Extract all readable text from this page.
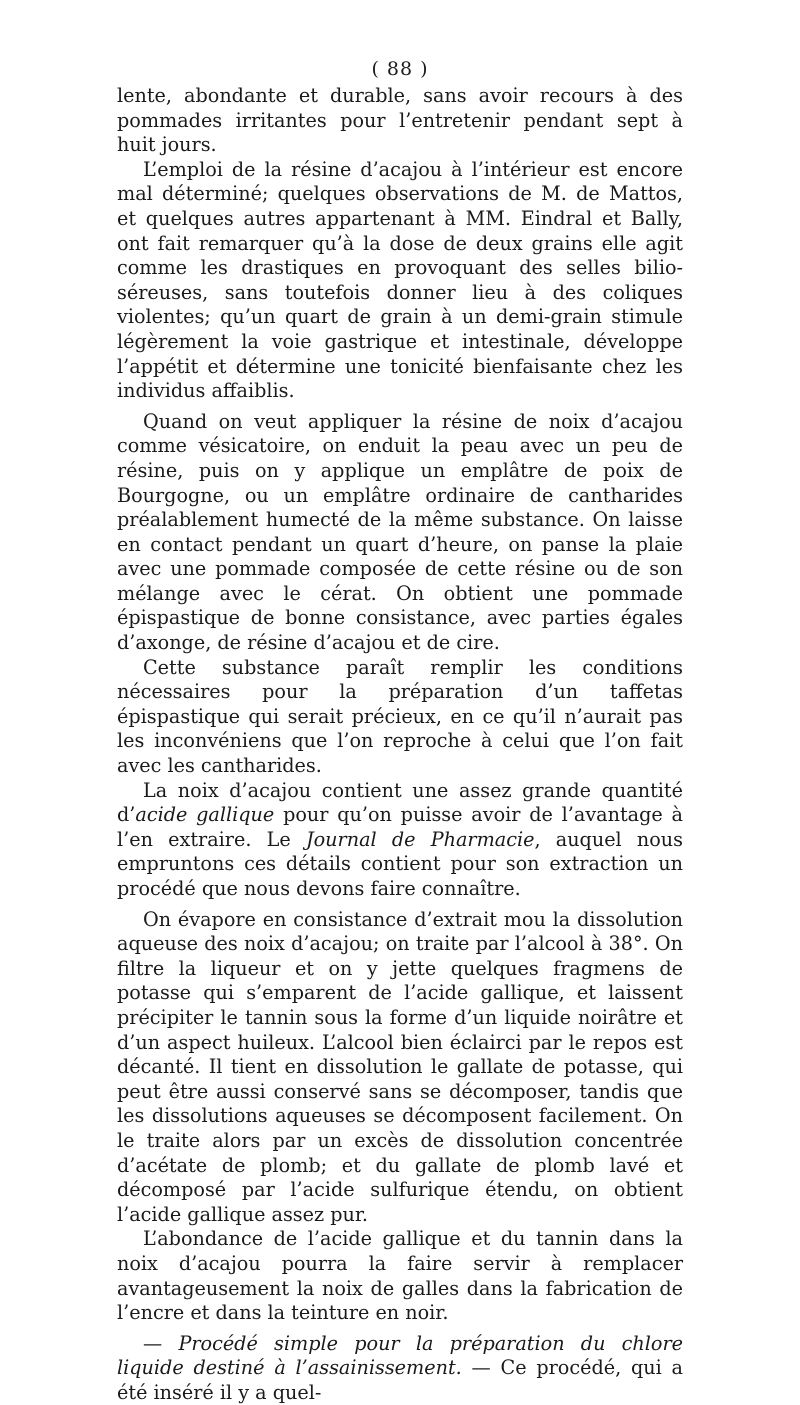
( 88 )

lente, abondante et durable, sans avoir recours à des pommades irritantes pour l’entretenir pendant sept à huit jours.

L’emploi de la résine d’acajou à l’intérieur est encore mal déterminé; quelques observations de M. de Mattos, et quelques autres appartenant à MM. Eindral et Bally, ont fait remarquer qu’à la dose de deux grains elle agit comme les drastiques en provoquant des selles bilio-séreuses, sans toutefois donner lieu à des coliques violentes; qu’un quart de grain à un demi-grain stimule légèrement la voie gastrique et intestinale, développe l’appétit et détermine une tonicité bienfaisante chez les individus affaiblis.

Quand on veut appliquer la résine de noix d’acajou comme vésicatoire, on enduit la peau avec un peu de résine, puis on y applique un emplâtre de poix de Bourgogne, ou un emplâtre ordinaire de cantharides préalablement humecté de la même substance. On laisse en contact pendant un quart d’heure, on panse la plaie avec une pommade composée de cette résine ou de son mélange avec le cérat. On obtient une pommade épispastique de bonne consistance, avec parties égales d’axonge, de résine d’acajou et de cire.

Cette substance paraît remplir les conditions nécessaires pour la préparation d’un taffetas épispastique qui serait précieux, en ce qu’il n’aurait pas les inconvéniens que l’on reproche à celui que l’on fait avec les cantharides.

La noix d’acajou contient une assez grande quantité d’acide gallique pour qu’on puisse avoir de l’avantage à l’en extraire. Le Journal de Pharmacie, auquel nous empruntons ces détails contient pour son extraction un procédé que nous devons faire connaître.

On évapore en consistance d’extrait mou la dissolution aqueuse des noix d’acajou; on traite par l’alcool à 38°. On filtre la liqueur et on y jette quelques fragmens de potasse qui s’emparent de l’acide gallique, et laissent précipiter le tannin sous la forme d’un liquide noirâtre et d’un aspect huileux. L’alcool bien éclairci par le repos est décanté. Il tient en dissolution le gallate de potasse, qui peut être aussi conservé sans se décomposer, tandis que les dissolutions aqueuses se décomposent facilement. On le traite alors par un excès de dissolution concentrée d’acétate de plomb; et du gallate de plomb lavé et décomposé par l’acide sulfurique étendu, on obtient l’acide gallique assez pur.

L’abondance de l’acide gallique et du tannin dans la noix d’acajou pourra la faire servir à remplacer avantageusement la noix de galles dans la fabrication de l’encre et dans la teinture en noir.

— Procédé simple pour la préparation du chlore liquide destiné à l’assainissement. — Ce procédé, qui a été inséré il y a quel-
